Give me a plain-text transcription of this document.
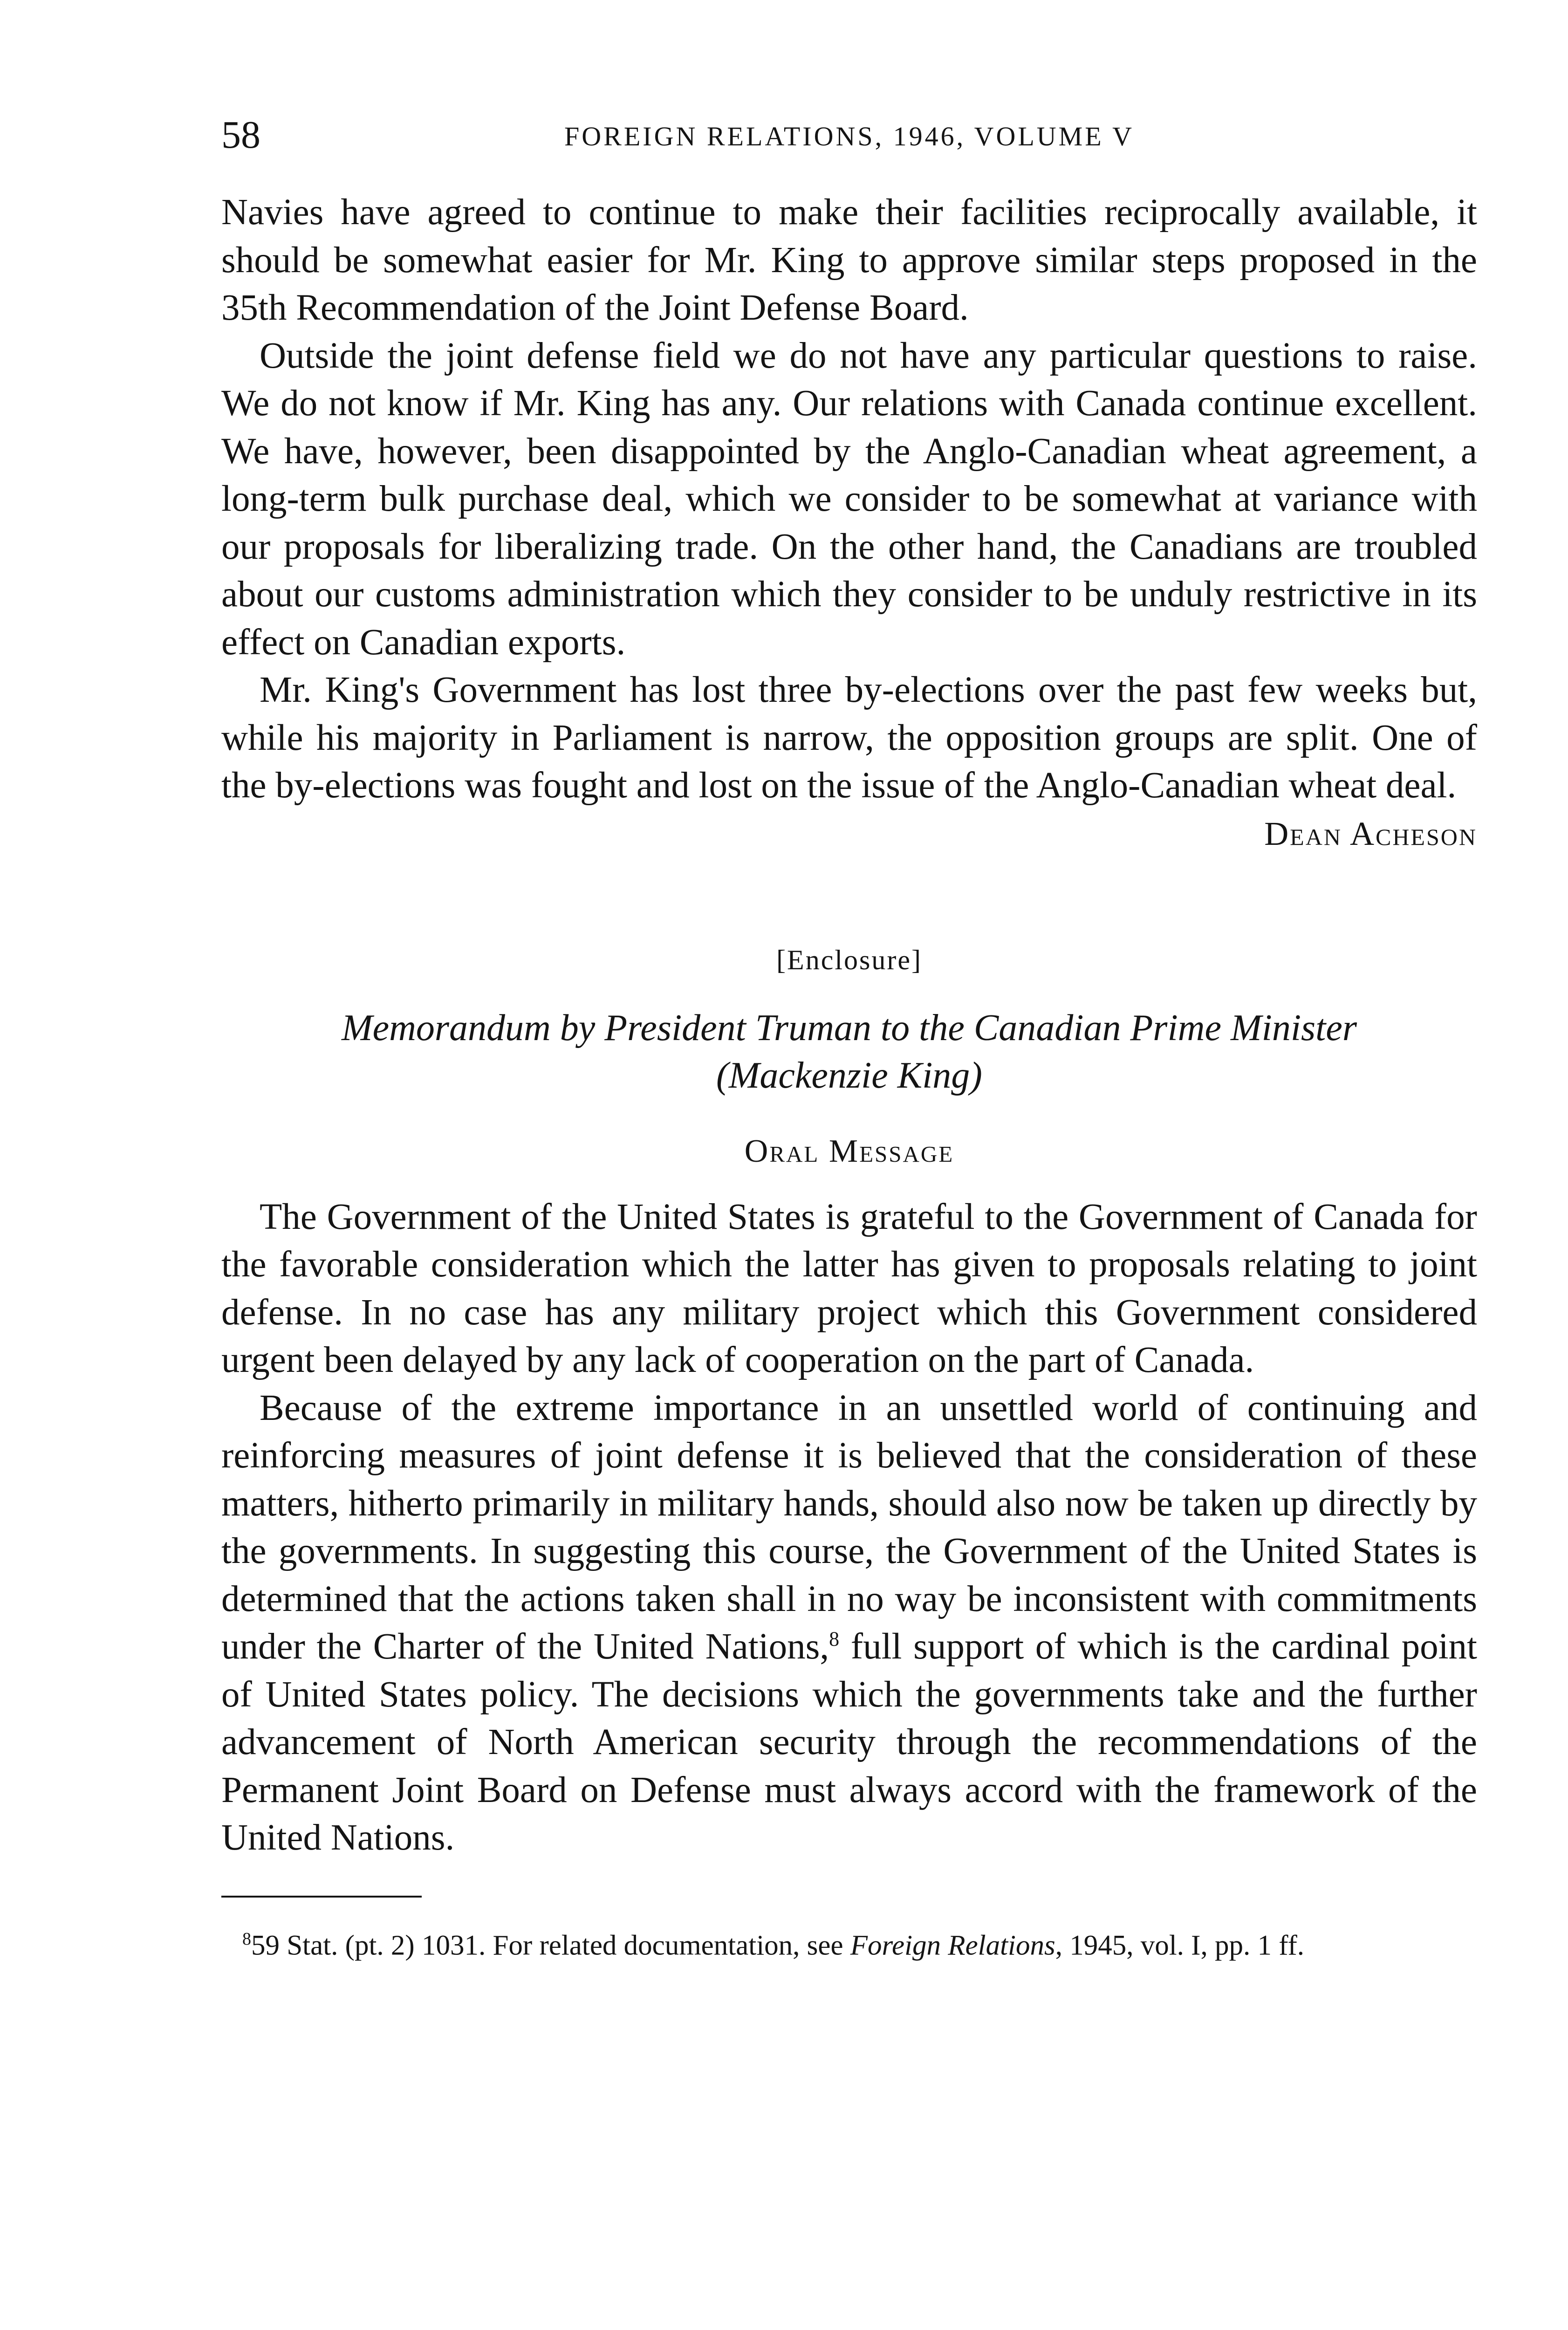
58	FOREIGN RELATIONS, 1946, VOLUME V

Navies have agreed to continue to make their facilities reciprocally available, it should be somewhat easier for Mr. King to approve similar steps proposed in the 35th Recommendation of the Joint Defense Board.

Outside the joint defense field we do not have any particular questions to raise. We do not know if Mr. King has any. Our relations with Canada continue excellent. We have, however, been disappointed by the Anglo-Canadian wheat agreement, a long-term bulk purchase deal, which we consider to be somewhat at variance with our proposals for liberalizing trade. On the other hand, the Canadians are troubled about our customs administration which they consider to be unduly restrictive in its effect on Canadian exports.

Mr. King's Government has lost three by-elections over the past few weeks but, while his majority in Parliament is narrow, the opposition groups are split. One of the by-elections was fought and lost on the issue of the Anglo-Canadian wheat deal.

Dean Acheson
[Enclosure]
Memorandum by President Truman to the Canadian Prime Minister
(Mackenzie King)
Oral Message

The Government of the United States is grateful to the Government of Canada for the favorable consideration which the latter has given to proposals relating to joint defense. In no case has any military project which this Government considered urgent been delayed by any lack of cooperation on the part of Canada.

Because of the extreme importance in an unsettled world of continuing and reinforcing measures of joint defense it is believed that the consideration of these matters, hitherto primarily in military hands, should also now be taken up directly by the governments. In suggesting this course, the Government of the United States is determined that the actions taken shall in no way be inconsistent with commitments under the Charter of the United Nations,$^8$ full support of which is the cardinal point of United States policy. The decisions which the governments take and the further advancement of North American security through the recommendations of the Permanent Joint Board on Defense must always accord with the framework of the United Nations.

$^8$59 Stat. (pt. 2) 1031. For related documentation, see Foreign Relations, 1945, vol. I, pp. 1 ff.
